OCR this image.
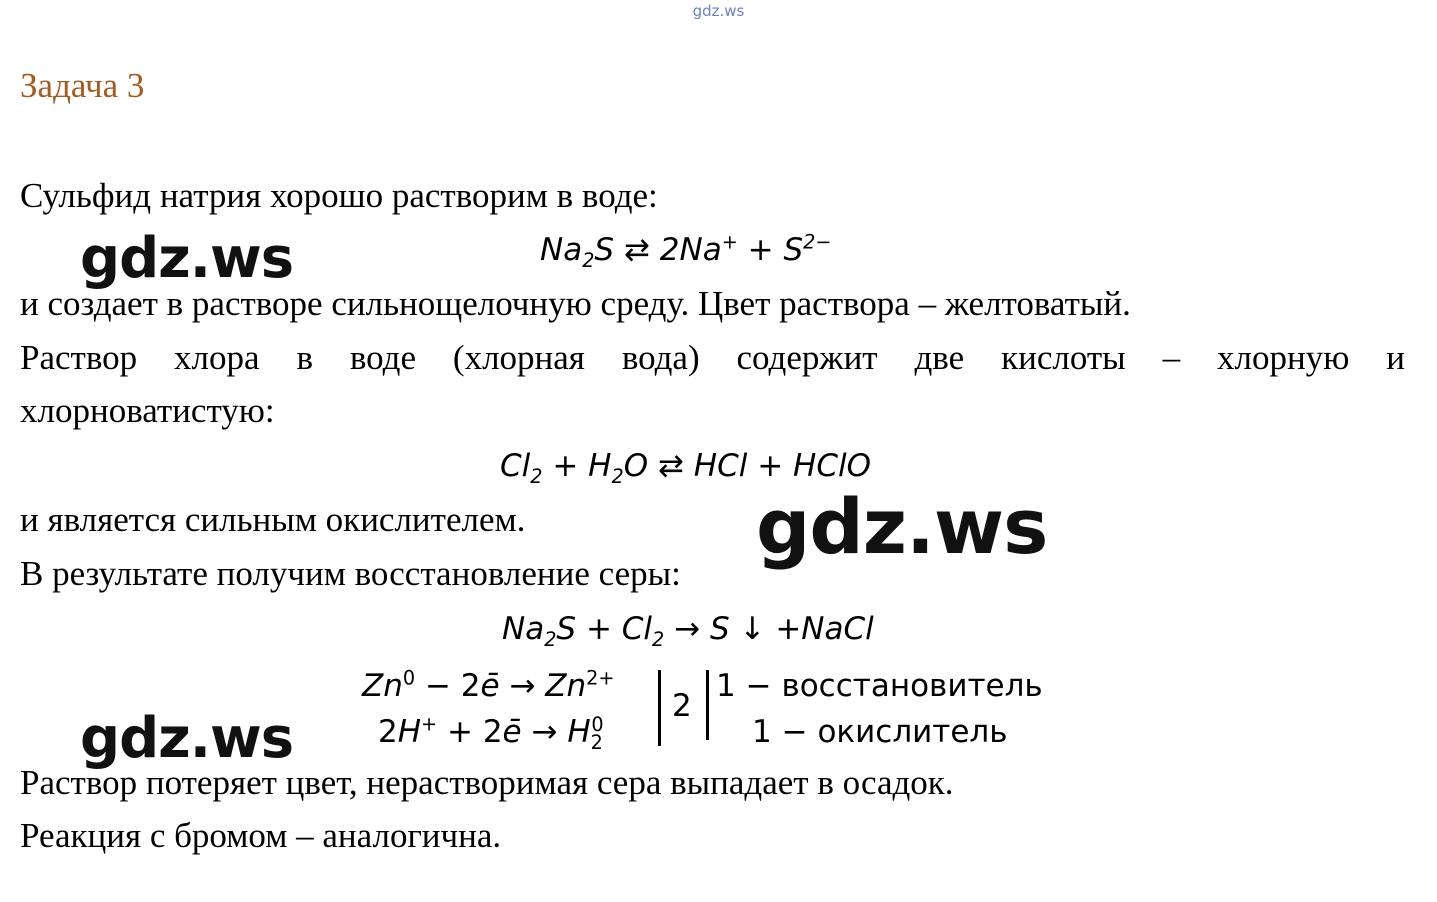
gdz.ws
Задача 3
Сульфид натрия хорошо растворим в воде:
$Na_2S$ ⇄ $2Na^+ + S^{2-}$
и создает в растворе сильнощелочную среду. Цвет раствора – желтоватый.
Раствор хлора в воде (хлорная вода) содержит две кислоты – хлорную и
хлорноватистую:
$Cl_2 + H_2O$ ⇄ HCl + HClO
и является сильным окислителем.
В результате получим восстановление серы:
$Na_2S + Cl_2 \to S$ ↓ +NaCl
$Zn^0$ − 2ē → $Zn^{2+}$
2H+ + 2ē → $H_2^0$
2
1 − восстановитель
1 − окислитель
Раствор потеряет цвет, нерастворимая сера выпадает в осадок.
Реакция с бромом – аналогична.
gdz.ws
gdz.ws
gdz.ws
